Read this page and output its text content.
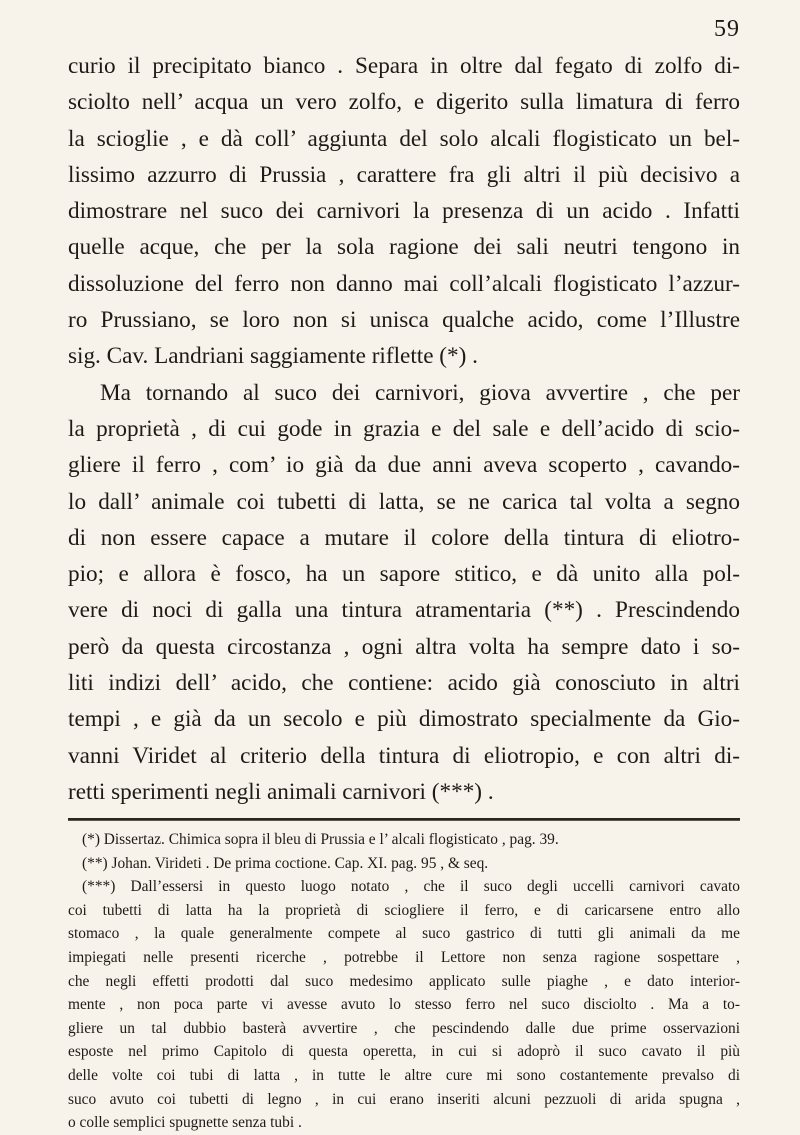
59
curio il precipitato bianco . Separa in oltre dal fegato di zolfo di-
sciolto nell’ acqua un vero zolfo, e digerito sulla limatura di ferro
la scioglie , e dà coll’ aggiunta del solo alcali flogisticato un bel-
lissimo azzurro di Prussia , carattere fra gli altri il più decisivo a
dimostrare nel suco dei carnivori la presenza di un acido . Infatti
quelle acque, che per la sola ragione dei sali neutri tengono in
dissoluzione del ferro non danno mai coll’alcali flogisticato l’azzur-
ro Prussiano, se loro non si unisca qualche acido, come l’Illustre
sig. Cav. Landriani saggiamente riflette (*) .
Ma tornando al suco dei carnivori, giova avvertire , che per
la proprietà , di cui gode in grazia e del sale e dell’acido di scio-
gliere il ferro , com’ io già da due anni aveva scoperto , cavando-
lo dall’ animale coi tubetti di latta, se ne carica tal volta a segno
di non essere capace a mutare il colore della tintura di eliotro-
pio; e allora è fosco, ha un sapore stitico, e dà unito alla pol-
vere di noci di galla una tintura atramentaria (**) . Prescindendo
però da questa circostanza , ogni altra volta ha sempre dato i so-
liti indizi dell’ acido, che contiene: acido già conosciuto in altri
tempi , e già da un secolo e più dimostrato specialmente da Gio-
vanni Viridet al criterio della tintura di eliotropio, e con altri di-
retti sperimenti negli animali carnivori (***) .
(*) Dissertaz. Chimica sopra il bleu di Prussia e l’ alcali flogisticato , pag. 39.
(**) Johan. Virideti . De prima coctione. Cap. XI. pag. 95 , & seq.
(***) Dall’essersi in questo luogo notato , che il suco degli uccelli carnivori cavato
coi tubetti di latta ha la proprietà di sciogliere il ferro, e di caricarsene entro allo
stomaco , la quale generalmente compete al suco gastrico di tutti gli animali da me
impiegati nelle presenti ricerche , potrebbe il Lettore non senza ragione sospettare ,
che negli effetti prodotti dal suco medesimo applicato sulle piaghe , e dato interior-
mente , non poca parte vi avesse avuto lo stesso ferro nel suco disciolto . Ma a to-
gliere un tal dubbio basterà avvertire , che pescindendo dalle due prime osservazioni
esposte nel primo Capitolo di questa operetta, in cui si adoprò il suco cavato il più
delle volte coi tubi di latta , in tutte le altre cure mi sono costantemente prevalso di
suco avuto coi tubetti di legno , in cui erano inseriti alcuni pezzuoli di arida spugna ,
o colle semplici spugnette senza tubi .
